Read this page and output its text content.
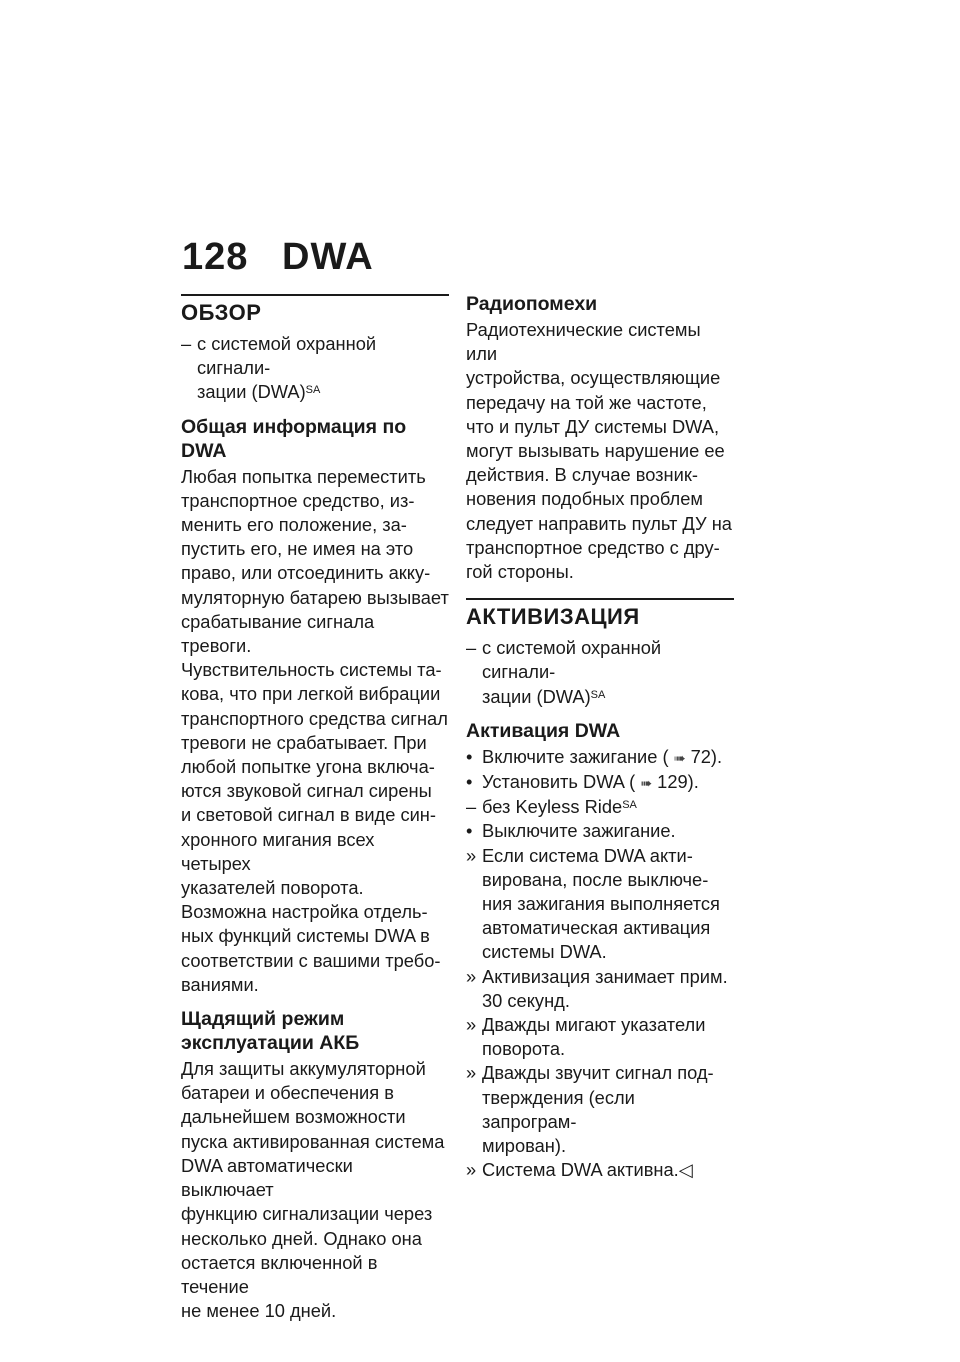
128 DWA
ОБЗОР
– с системой охранной сигнали-
зации (DWA)$^{SA}$
Общая информация по DWA

Любая попытка переместить

транспортное средство, из-

менить его положение, за-

пустить его, не имея на это

право, или отсоединить акку-

муляторную батарею вызывает

срабатывание сигнала тревоги.

Чувствительность системы та-

кова, что при легкой вибрации

транспортного средства сигнал

тревоги не срабатывает. При

любой попытке угона включа-

ются звуковой сигнал сирены

и световой сигнал в виде син-

хронного мигания всех четырех

указателей поворота.

Возможна настройка отдель-

ных функций системы DWA в

соответствии с вашими требо-

ваниями.

Щадящий режим
эксплуатации АКБ

Для защиты аккумуляторной

батареи и обеспечения в

дальнейшем возможности

пуска активированная система

DWA автоматически выключает

функцию сигнализации через

несколько дней. Однако она

остается включенной в течение

не менее 10 дней.

Радиопомехи

Радиотехнические системы или

устройства, осуществляющие

передачу на той же частоте,

что и пульт ДУ системы DWA,

могут вызывать нарушение ее

действия. В случае возник-

новения подобных проблем

следует направить пульт ДУ на

транспортное средство с дру-

гой стороны.

АКТИВИЗАЦИЯ
– с системой охранной сигнали-
зации (DWA)$^{SA}$
Активация DWA
• Включите зажигание ( ➠ 72).
• Установить DWA ( ➠ 129).
– без Keyless Ride$^{SA}$
• Выключите зажигание.
» Если система DWA акти-
вирована, после выключе-
ния зажигания выполняется
автоматическая активация
системы DWA.
» Активизация занимает прим.
30 секунд.
» Дважды мигают указатели
поворота.
» Дважды звучит сигнал под-
тверждения (если запрограм-
мирован).
» Система DWA активна.◁
